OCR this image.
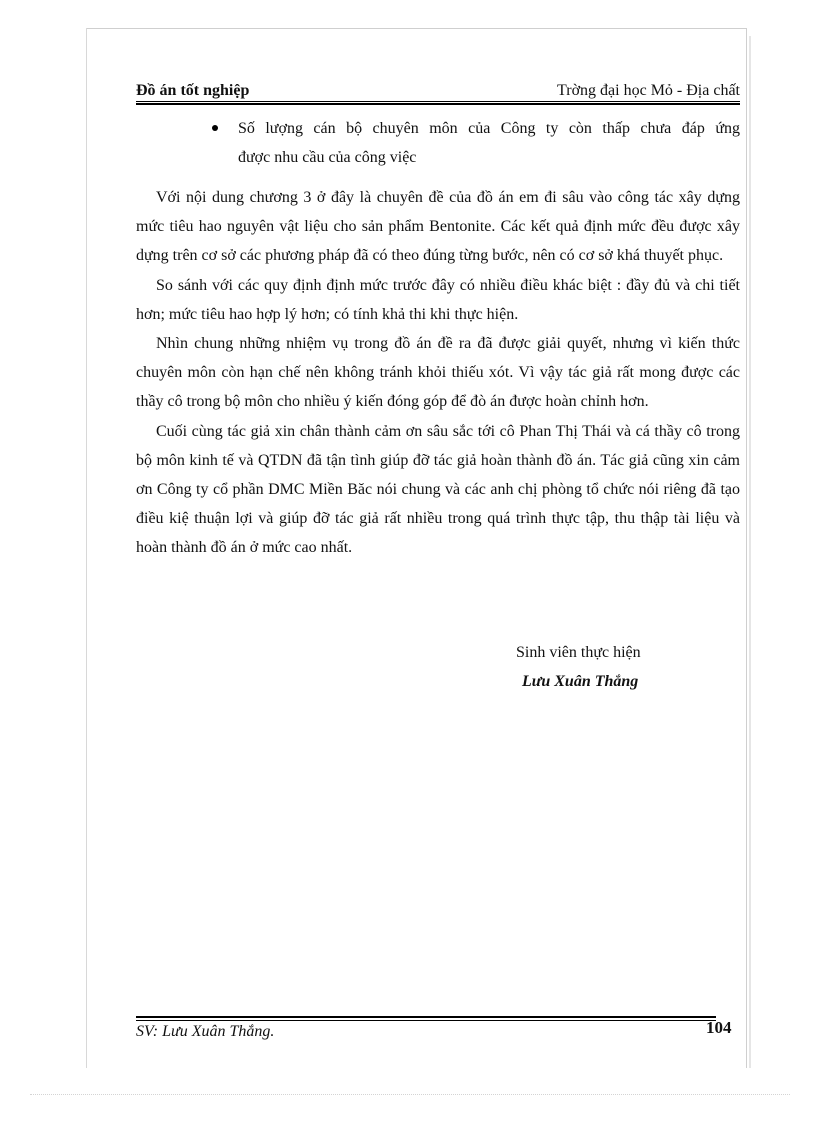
Đồ án tốt nghiệp	Trờng đại học Mỏ - Địa chất
Số lượng cán bộ chuyên môn của Công ty còn thấp chưa đáp ứng
được nhu cầu của công việc

Với nội dung chương 3 ở đây là chuyên đề của đồ án em đi sâu vào công tác xây dựng mức tiêu hao nguyên vật liệu cho sản phẩm Bentonite. Các kết quả định mức đều được xây dựng trên cơ sở các phương pháp đã có theo đúng từng bước, nên có cơ sở khá thuyết phục.

So sánh với các quy định định mức trước đây có nhiều điều khác biệt : đầy đủ và chi tiết hơn; mức tiêu hao hợp lý hơn; có tính khả thi khi thực hiện.

Nhìn chung những nhiệm vụ trong đồ án đề ra đã được giải quyết, nhưng vì kiến thức chuyên môn còn hạn chế nên không tránh khỏi thiếu xót. Vì vậy tác giả rất mong được các thầy cô trong bộ môn cho nhiều ý kiến đóng góp để đò án được hoàn chỉnh hơn.

Cuối cùng tác giả xin chân thành cảm ơn sâu sắc tới cô Phan Thị Thái và cá thầy cô trong bộ môn kinh tế và QTDN đã tận tình giúp đỡ tác giả hoàn thành đồ án. Tác giả cũng xin cảm ơn Công ty cổ phần DMC Miền Băc nói chung và các anh chị phòng tổ chức nói riêng đã tạo điều kiệ thuận lợi và giúp đỡ tác giả rất nhiều trong quá trình thực tập, thu thập tài liệu và hoàn thành đồ án ở mức cao nhất.

Sinh viên thực hiện
Lưu Xuân Thắng
SV: Lưu Xuân Thắng.	104
